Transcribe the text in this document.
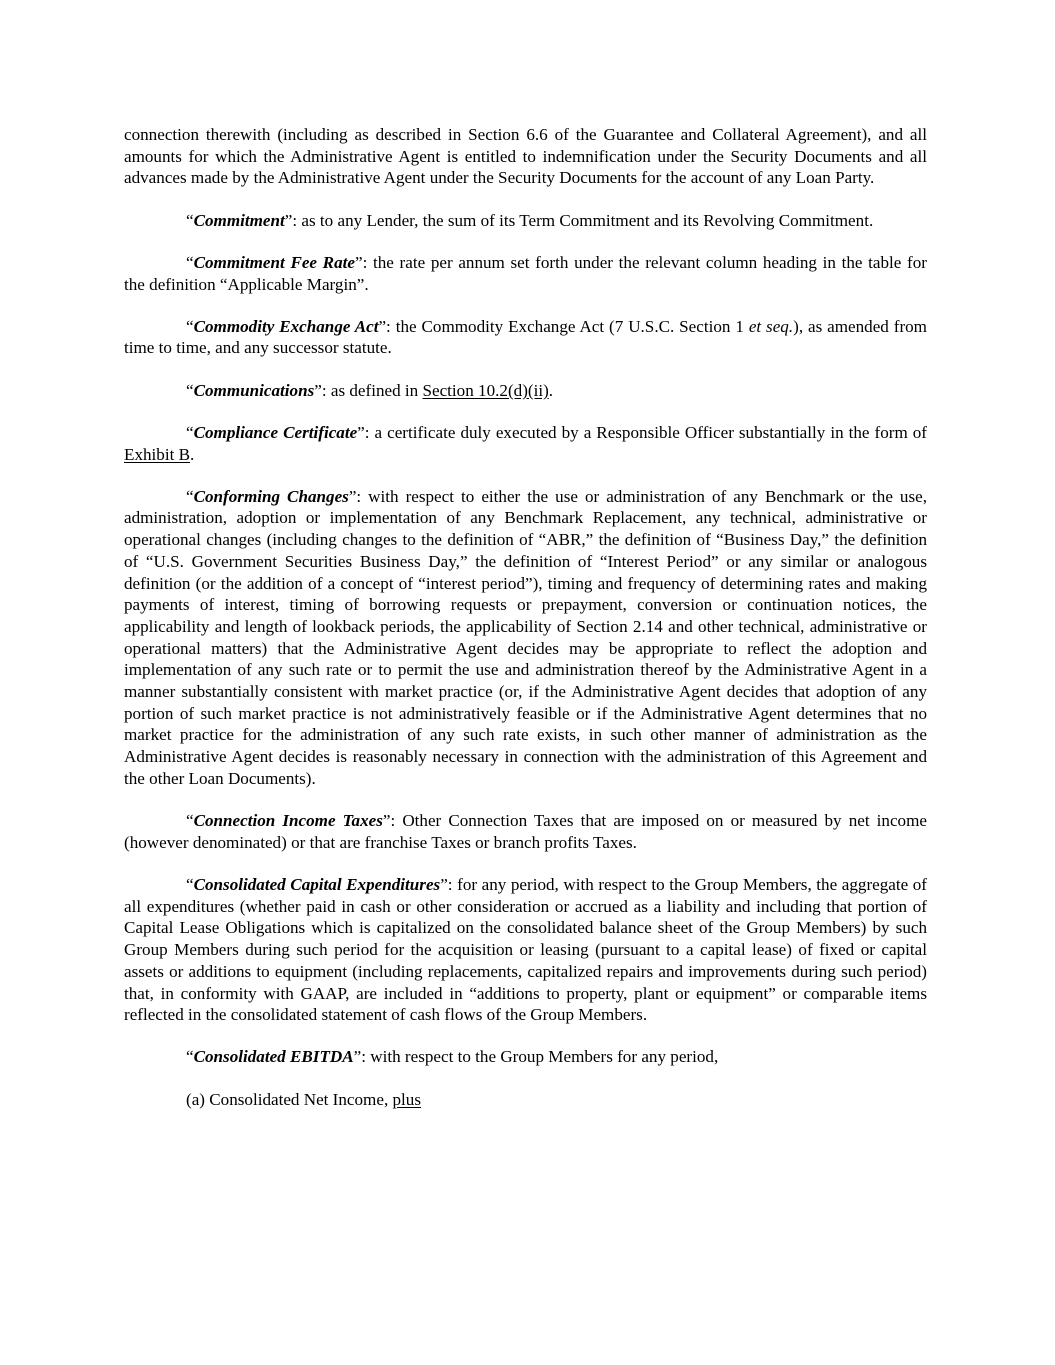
connection therewith (including as described in Section 6.6 of the Guarantee and Collateral Agreement), and all amounts for which the Administrative Agent is entitled to indemnification under the Security Documents and all advances made by the Administrative Agent under the Security Documents for the account of any Loan Party.

“Commitment”: as to any Lender, the sum of its Term Commitment and its Revolving Commitment.

“Commitment Fee Rate”: the rate per annum set forth under the relevant column heading in the table for the definition “Applicable Margin”.

“Commodity Exchange Act”: the Commodity Exchange Act (7 U.S.C. Section 1 et seq.), as amended from time to time, and any successor statute.

“Communications”: as defined in Section 10.2(d)(ii).

“Compliance Certificate”: a certificate duly executed by a Responsible Officer substantially in the form of Exhibit B.

“Conforming Changes”: with respect to either the use or administration of any Benchmark or the use, administration, adoption or implementation of any Benchmark Replacement, any technical, administrative or operational changes (including changes to the definition of “ABR,” the definition of “Business Day,” the definition of “U.S. Government Securities Business Day,” the definition of “Interest Period” or any similar or analogous definition (or the addition of a concept of “interest period”), timing and frequency of determining rates and making payments of interest, timing of borrowing requests or prepayment, conversion or continuation notices, the applicability and length of lookback periods, the applicability of Section 2.14 and other technical, administrative or operational matters) that the Administrative Agent decides may be appropriate to reflect the adoption and implementation of any such rate or to permit the use and administration thereof by the Administrative Agent in a manner substantially consistent with market practice (or, if the Administrative Agent decides that adoption of any portion of such market practice is not administratively feasible or if the Administrative Agent determines that no market practice for the administration of any such rate exists, in such other manner of administration as the Administrative Agent decides is reasonably necessary in connection with the administration of this Agreement and the other Loan Documents).

“Connection Income Taxes”: Other Connection Taxes that are imposed on or measured by net income (however denominated) or that are franchise Taxes or branch profits Taxes.

“Consolidated Capital Expenditures”: for any period, with respect to the Group Members, the aggregate of all expenditures (whether paid in cash or other consideration or accrued as a liability and including that portion of Capital Lease Obligations which is capitalized on the consolidated balance sheet of the Group Members) by such Group Members during such period for the acquisition or leasing (pursuant to a capital lease) of fixed or capital assets or additions to equipment (including replacements, capitalized repairs and improvements during such period) that, in conformity with GAAP, are included in “additions to property, plant or equipment” or comparable items reflected in the consolidated statement of cash flows of the Group Members.

“Consolidated EBITDA”: with respect to the Group Members for any period,

(a) Consolidated Net Income, plus
